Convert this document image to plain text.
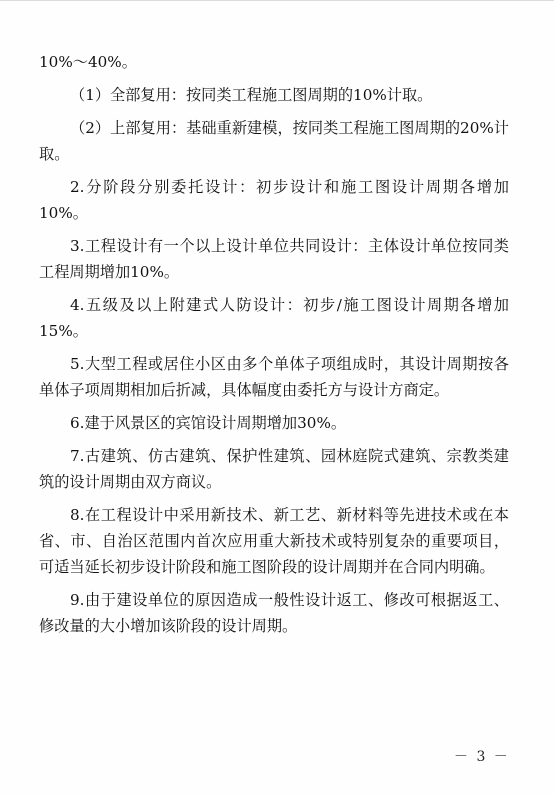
10%～40%。

（1）全部复用：按同类工程施工图周期的10%计取。

（2）上部复用：基础重新建模，按同类工程施工图周期的20%计取。

2.分阶段分别委托设计：初步设计和施工图设计周期各增加10%。

3.工程设计有一个以上设计单位共同设计：主体设计单位按同类工程周期增加10%。

4.五级及以上附建式人防设计：初步/施工图设计周期各增加15%。

5.大型工程或居住小区由多个单体子项组成时，其设计周期按各单体子项周期相加后折减，具体幅度由委托方与设计方商定。

6.建于风景区的宾馆设计周期增加30%。

7.古建筑、仿古建筑、保护性建筑、园林庭院式建筑、宗教类建筑的设计周期由双方商议。

8.在工程设计中采用新技术、新工艺、新材料等先进技术或在本省、市、自治区范围内首次应用重大新技术或特别复杂的重要项目，可适当延长初步设计阶段和施工图阶段的设计周期并在合同内明确。

9.由于建设单位的原因造成一般性设计返工、修改可根据返工、修改量的大小增加该阶段的设计周期。

－ 3 －
